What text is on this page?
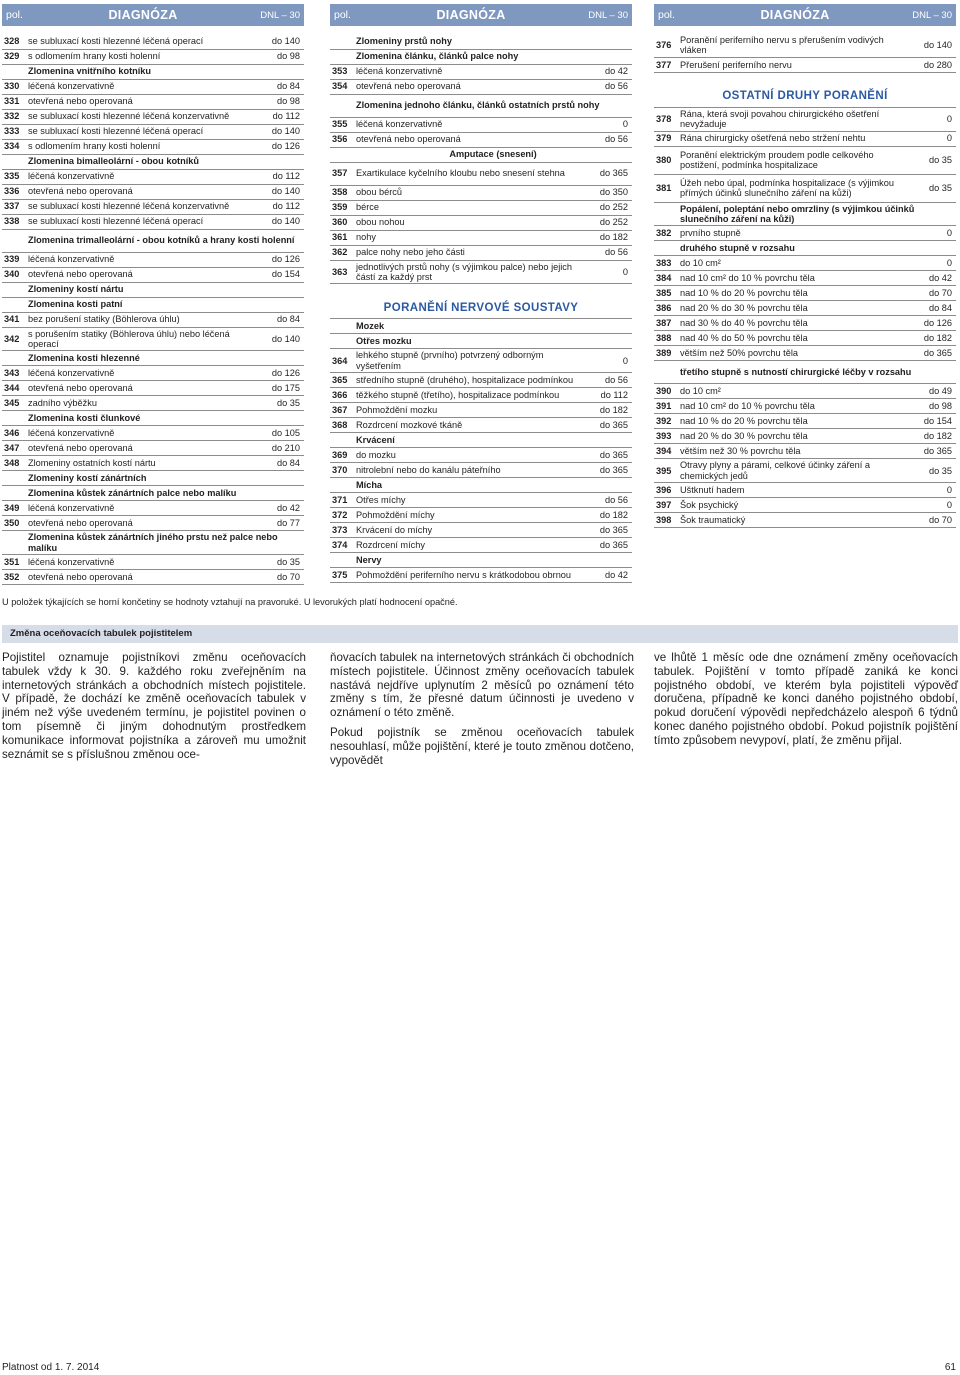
pol.	DIAGNÓZA	DNL – 30
328	se subluxací kosti hlezenné léčená operací	do 140
329	s odlomením hrany kosti holenní	do 98
	Zlomenina vnitřního kotníku	
330	léčená konzervativně	do 84
331	otevřená nebo operovaná	do 98
332	se subluxací kosti hlezenné léčená konzervativně	do 112
333	se subluxací kosti hlezenné léčená operací	do 140
334	s odlomením hrany kosti holenní	do 126
	Zlomenina bimalleolární - obou kotníků	
335	léčená konzervativně	do 112
336	otevřená nebo operovaná	do 140
337	se subluxací kosti hlezenné léčená konzervativně	do 112
338	se subluxací kosti hlezenné léčená operací	do 140
	Zlomenina trimalleolární - obou kotníků a hrany kosti holenní	
339	léčená konzervativně	do 126
340	otevřená nebo operovaná	do 154
	Zlomeniny kostí nártu	
	Zlomenina kosti patní	
341	bez porušení statiky (Böhlerova úhlu)	do 84
342	s porušením statiky (Böhlerova úhlu) nebo léčená operací	do 140
	Zlomenina kosti hlezenné	
343	léčená konzervativně	do 126
344	otevřená nebo operovaná	do 175
345	zadního výběžku	do 35
	Zlomenina kosti člunkové	
346	léčená konzervativně	do 105
347	otevřená nebo operovaná	do 210
348	Zlomeniny ostatních kostí nártu	do 84
	Zlomeniny kostí zánártních	
	Zlomenina kůstek zánártních palce nebo malíku	
349	léčená konzervativně	do 42
350	otevřená nebo operovaná	do 77
	Zlomenina kůstek zánártních jiného prstu než palce nebo malíku	
351	léčená konzervativně	do 35
352	otevřená nebo operovaná	do 70
pol.	DIAGNÓZA	DNL – 30
	Zlomeniny prstů nohy	
	Zlomenina článku, článků palce nohy	
353	léčená konzervativně	do 42
354	otevřená nebo operovaná	do 56
	Zlomenina jednoho článku, článků ostatních prstů nohy	
355	léčená konzervativně	0
356	otevřená nebo operovaná	do 56
	Amputace (snesení)	
357	Exartikulace kyčelního kloubu nebo snesení stehna	do 365
358	obou bérců	do 350
359	bérce	do 252
360	obou nohou	do 252
361	nohy	do 182
362	palce nohy nebo jeho části	do 56
363	jednotlivých prstů nohy (s výjimkou palce) nebo jejich částí za každý prst	0

PORANĚNÍ NERVOVÉ SOUSTAVY		
	Mozek	
	Otřes mozku	
364	lehkého stupně (prvního) potvrzený odborným vyšetřením	0
365	středního stupně (druhého), hospitalizace podmínkou	do 56
366	těžkého stupně (třetího), hospitalizace podmínkou	do 112
367	Pohmoždění mozku	do 182
368	Rozdrcení mozkové tkáně	do 365
	Krvácení	
369	do mozku	do 365
370	nitrolební nebo do kanálu páteřního	do 365
	Mícha	
371	Otřes míchy	do 56
372	Pohmoždění míchy	do 182
373	Krvácení do míchy	do 365
374	Rozdrcení míchy	do 365
	Nervy	
375	Pohmoždění periferního nervu s krátkodobou obrnou	do 42
pol.	DIAGNÓZA	DNL – 30
376	Poranění periferního nervu s přerušením vodivých vláken	do 140
377	Přerušení periferního nervu	do 280

OSTATNÍ DRUHY PORANĚNÍ		
378	Rána, která svoji povahou chirurgického ošetření nevyžaduje	0
379	Rána chirurgicky ošetřená nebo stržení nehtu	0
380	Poranění elektrickým proudem podle celkového postižení, podmínka hospitalizace	do 35
381	Úžeh nebo úpal, podmínka hospitalizace (s výjimkou přímých účinků slunečního záření na kůži)	do 35
	Popálení, poleptání nebo omrzliny (s výjimkou účinků slunečního záření na kůži)	
382	prvního stupně	0
	druhého stupně v rozsahu	
383	do 10 cm²	0
384	nad 10 cm² do 10 % povrchu těla	do 42
385	nad 10 % do 20 % povrchu těla	do 70
386	nad 20 % do 30 % povrchu těla	do 84
387	nad 30 % do 40 % povrchu těla	do 126
388	nad 40 % do 50 % povrchu těla	do 182
389	větším než 50% povrchu těla	do 365
	třetího stupně s nutností chirurgické léčby v rozsahu	
390	do 10 cm²	do 49
391	nad 10 cm² do 10 % povrchu těla	do 98
392	nad 10 % do 20 % povrchu těla	do 154
393	nad 20 % do 30 % povrchu těla	do 182
394	větším než 30 % povrchu těla	do 365
395	Otravy plyny a párami, celkové účinky záření a chemických jedů	do 35
396	Uštknutí hadem	0
397	Šok psychický	0
398	Šok traumatický	do 70
U položek týkajících se horní končetiny se hodnoty vztahují na pravoruké. U levorukých platí hodnocení opačné.
Změna oceňovacích tabulek pojistitelem

Pojistitel oznamuje pojistníkovi změnu oceňovacích tabulek vždy k 30. 9. každého roku zveřejněním na internetových stránkách a obchodních místech pojistitele. V případě, že dochází ke změně oceňovacích tabulek v jiném než výše uvedeném termínu, je pojistitel povinen o tom písemně či jiným dohodnutým prostředkem komunikace informovat pojistníka a zároveň mu umožnit seznámit se s příslušnou změnou oce-

ňovacích tabulek na internetových stránkách či obchodních místech pojistitele. Účinnost změny oceňovacích tabulek nastává nejdříve uplynutím 2 měsíců po oznámení této změny s tím, že přesné datum účinnosti je uvedeno v oznámení o této změně.

Pokud pojistník se změnou oceňovacích tabulek nesouhlasí, může pojištění, které je touto změnou dotčeno, vypovědět

ve lhůtě 1 měsíc ode dne oznámení změny oceňovacích tabulek. Pojištění v tomto případě zaniká ke konci pojistného období, ve kterém byla pojistiteli výpověď doručena, případně ke konci daného pojistného období, pokud doručení výpovědi nepředcházelo alespoň 6 týdnů konec daného pojistného období. Pokud pojistník pojištění tímto způsobem nevypoví, platí, že změnu přijal.

Platnost od 1. 7. 2014	61
